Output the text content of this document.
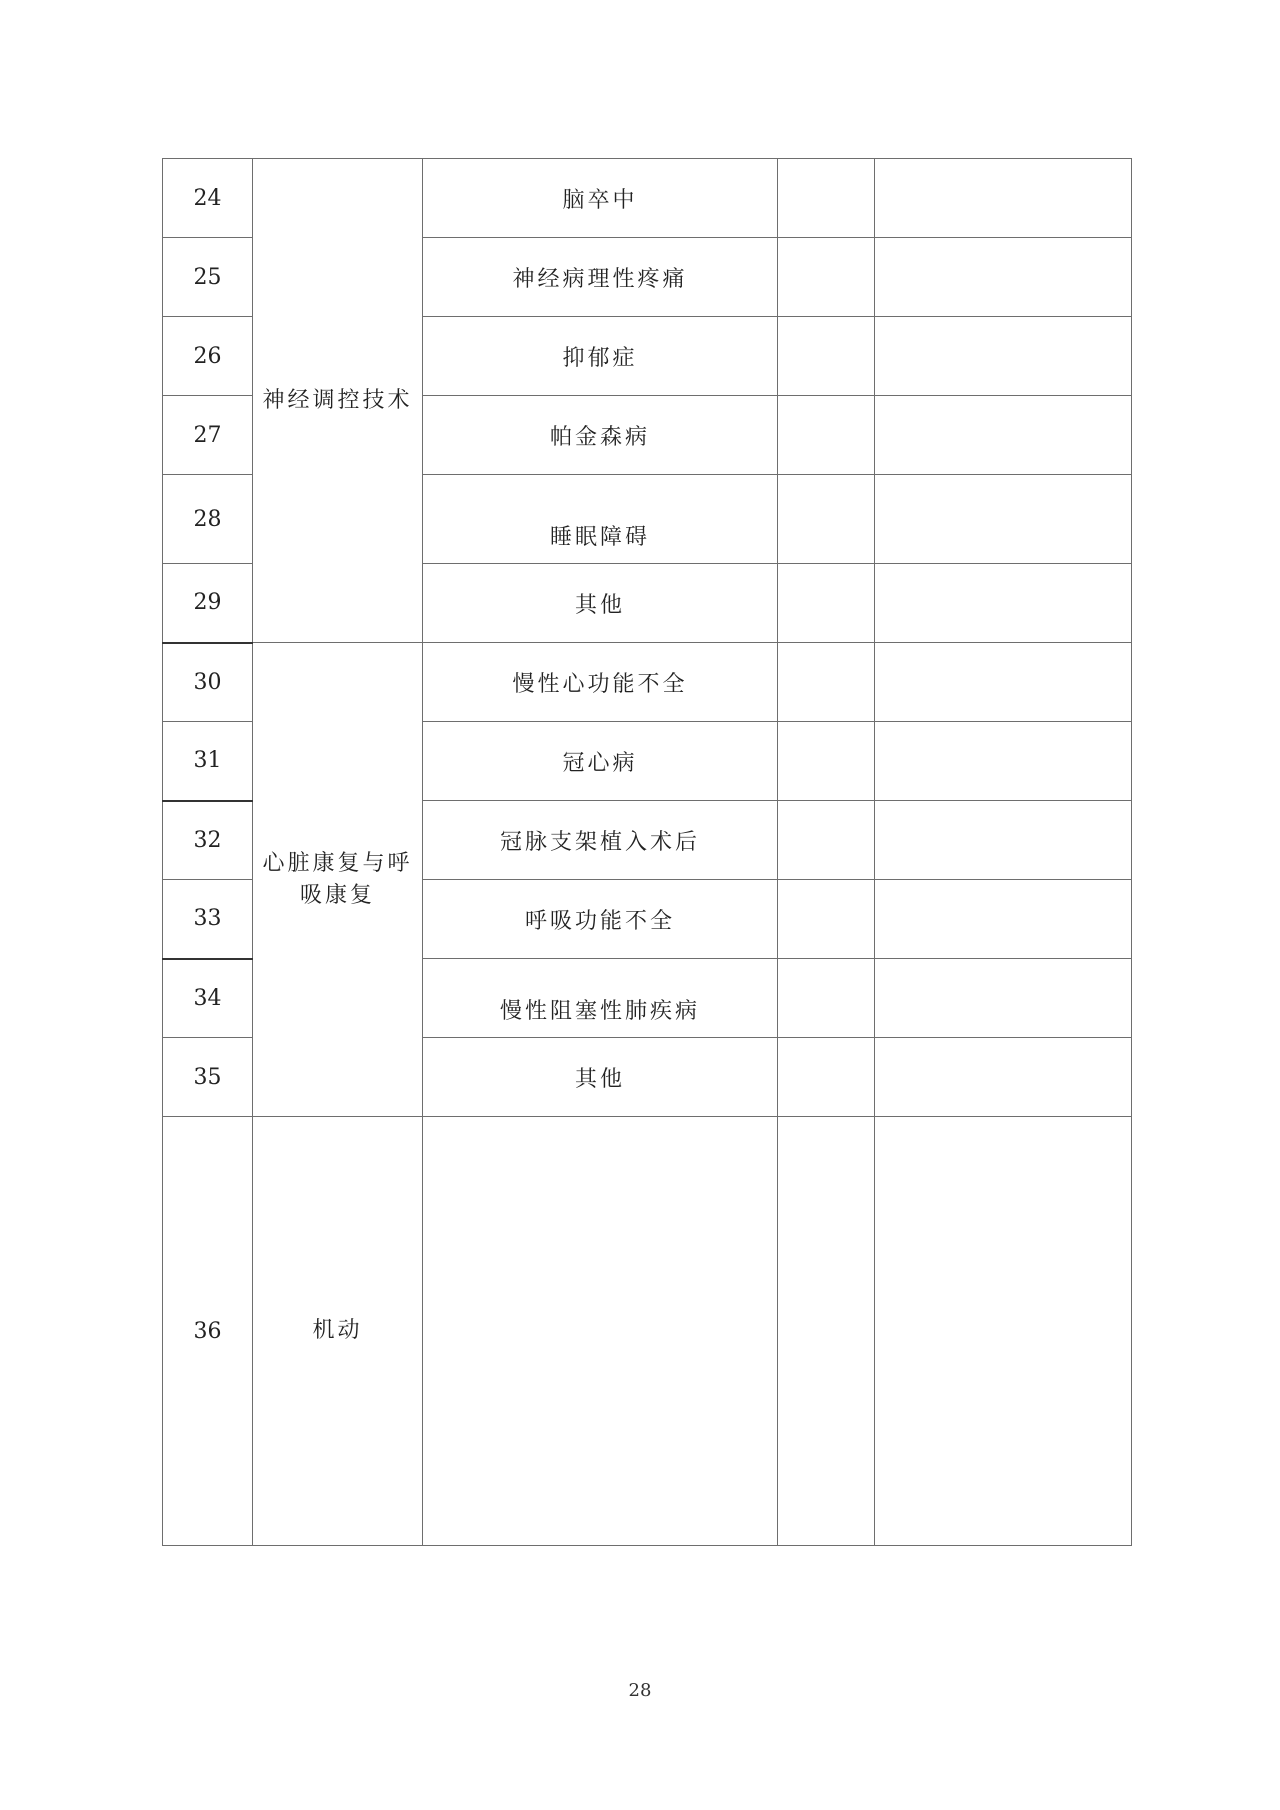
24	神经调控技术	脑卒中		
25		神经病理性疼痛		
26		抑郁症		
27		帕金森病		
28		睡眠障碍		
29		其他		
30	心脏康复与呼吸康复	慢性心功能不全		
31		冠心病		
32		冠脉支架植入术后		
33		呼吸功能不全		
34		慢性阻塞性肺疾病		
35		其他		
36	机动			
28
